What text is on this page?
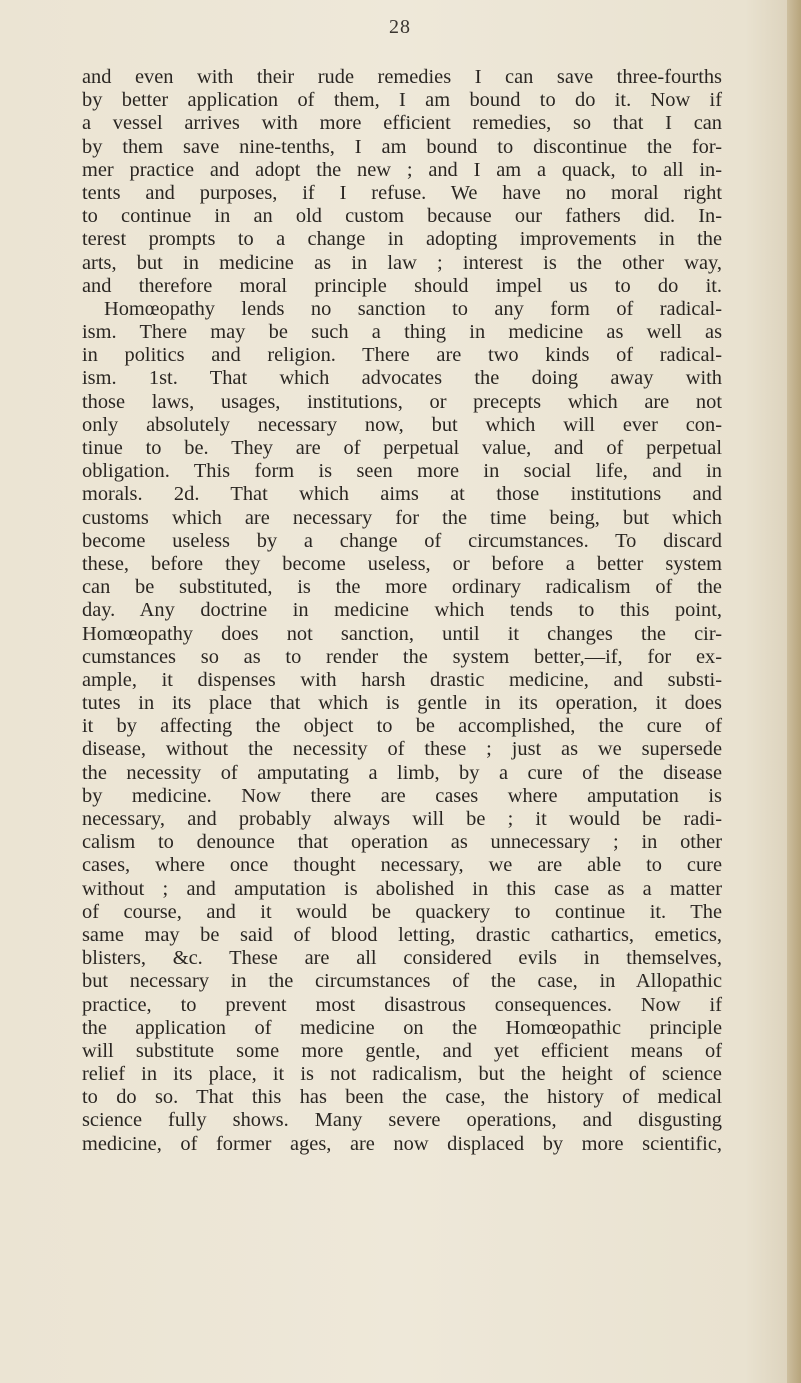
28
and even with their rude remedies I can save three-fourths
by better application of them, I am bound to do it. Now if
a vessel arrives with more efficient remedies, so that I can
by them save nine-tenths, I am bound to discontinue the for-
mer practice and adopt the new ; and I am a quack, to all in-
tents and purposes, if I refuse. We have no moral right
to continue in an old custom because our fathers did. In-
terest prompts to a change in adopting improvements in the
arts, but in medicine as in law ; interest is the other way,
and therefore moral principle should impel us to do it.
Homœopathy lends no sanction to any form of radical-
ism. There may be such a thing in medicine as well as
in politics and religion. There are two kinds of radical-
ism. 1st. That which advocates the doing away with
those laws, usages, institutions, or precepts which are not
only absolutely necessary now, but which will ever con-
tinue to be. They are of perpetual value, and of perpetual
obligation. This form is seen more in social life, and in
morals. 2d. That which aims at those institutions and
customs which are necessary for the time being, but which
become useless by a change of circumstances. To discard
these, before they become useless, or before a better system
can be substituted, is the more ordinary radicalism of the
day. Any doctrine in medicine which tends to this point,
Homœopathy does not sanction, until it changes the cir-
cumstances so as to render the system better,—if, for ex-
ample, it dispenses with harsh drastic medicine, and substi-
tutes in its place that which is gentle in its operation, it does
it by affecting the object to be accomplished, the cure of
disease, without the necessity of these ; just as we supersede
the necessity of amputating a limb, by a cure of the disease
by medicine. Now there are cases where amputation is
necessary, and probably always will be ; it would be radi-
calism to denounce that operation as unnecessary ; in other
cases, where once thought necessary, we are able to cure
without ; and amputation is abolished in this case as a matter
of course, and it would be quackery to continue it. The
same may be said of blood letting, drastic cathartics, emetics,
blisters, &c. These are all considered evils in themselves,
but necessary in the circumstances of the case, in Allopathic
practice, to prevent most disastrous consequences. Now if
the application of medicine on the Homœopathic principle
will substitute some more gentle, and yet efficient means of
relief in its place, it is not radicalism, but the height of science
to do so. That this has been the case, the history of medical
science fully shows. Many severe operations, and disgusting
medicine, of former ages, are now displaced by more scientific,
